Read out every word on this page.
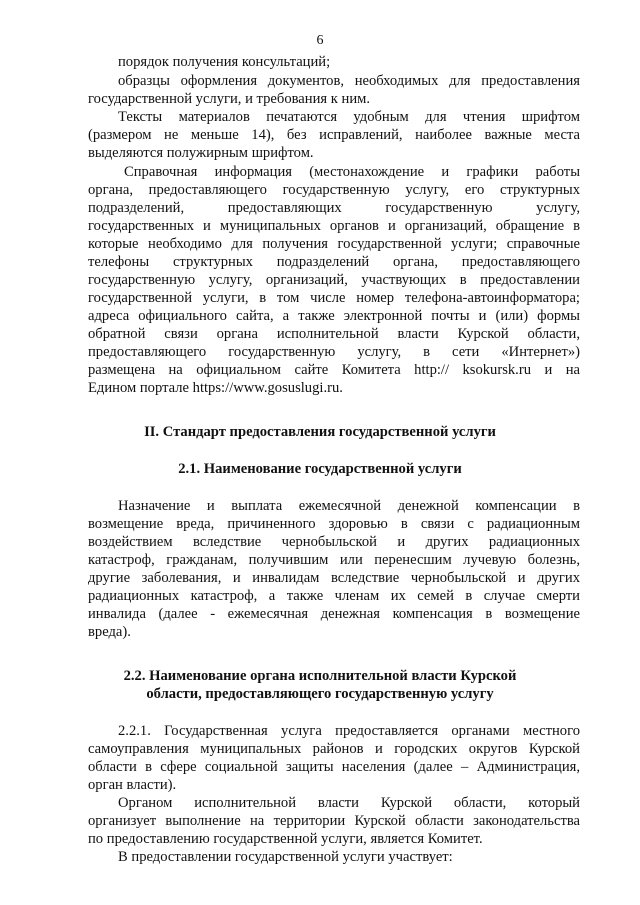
6
порядок получения консультаций;
образцы оформления документов, необходимых для предоставления
государственной услуги, и требования к ним.
Тексты материалов печатаются удобным для чтения шрифтом
(размером не меньше 14), без исправлений, наиболее важные места
выделяются полужирным шрифтом.
Справочная информация (местонахождение и графики работы
органа, предоставляющего государственную услугу, его структурных
подразделений, предоставляющих государственную услугу,
государственных и муниципальных органов и организаций, обращение в
которые необходимо для получения государственной услуги; справочные
телефоны структурных подразделений органа, предоставляющего
государственную услугу, организаций, участвующих в предоставлении
государственной услуги, в том числе номер телефона-автоинформатора;
адреса официального сайта, а также электронной почты и (или) формы
обратной связи органа исполнительной власти Курской области,
предоставляющего государственную услугу, в сети «Интернет»)
размещена на официальном сайте Комитета http:// ksokursk.ru и на
Едином портале https://www.gosuslugi.ru.
II. Стандарт предоставления государственной услуги
2.1. Наименование государственной услуги
Назначение и выплата ежемесячной денежной компенсации в
возмещение вреда, причиненного здоровью в связи с радиационным
воздействием вследствие чернобыльской и других радиационных
катастроф, гражданам, получившим или перенесшим лучевую болезнь,
другие заболевания, и инвалидам вследствие чернобыльской и других
радиационных катастроф, а также членам их семей в случае смерти
инвалида (далее - ежемесячная денежная компенсация в возмещение
вреда).
2.2. Наименование органа исполнительной власти Курской
области, предоставляющего государственную услугу
2.2.1. Государственная услуга предоставляется органами местного
самоуправления муниципальных районов и городских округов Курской
области в сфере социальной защиты населения (далее – Администрация,
орган власти).
Органом исполнительной власти Курской области, который
организует выполнение на территории Курской области законодательства
по предоставлению государственной услуги, является Комитет.
В предоставлении государственной услуги участвует:
